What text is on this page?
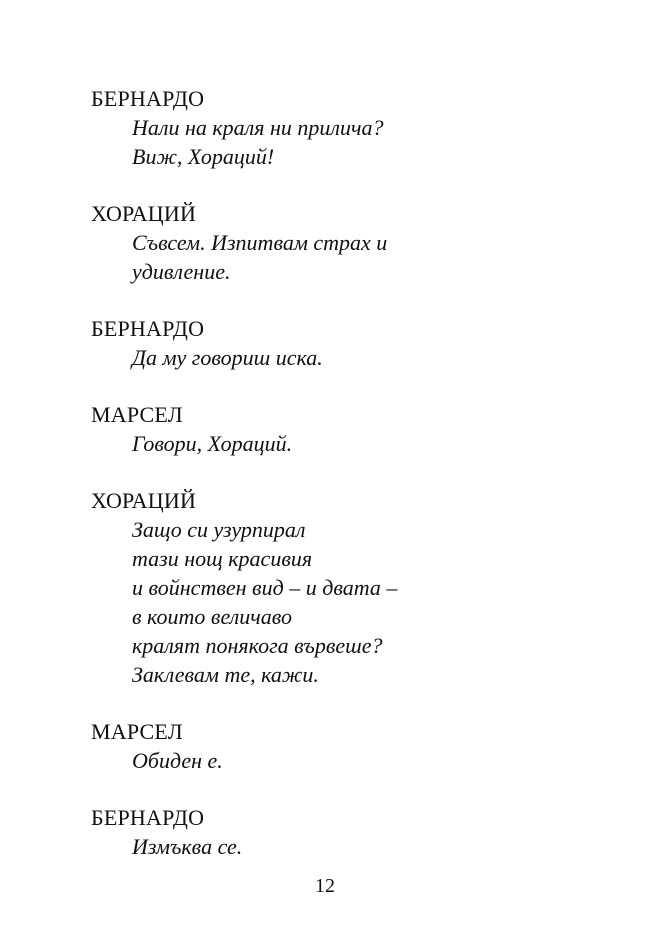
БЕРНАРДО
Нали на краля ни прилича?
Виж, Хораций!
ХОРАЦИЙ
Съвсем. Изпитвам страх и
удивление.
БЕРНАРДО
Да му говориш иска.
МАРСЕЛ
Говори, Хораций.
ХОРАЦИЙ
Защо си узурпирал
тази нощ красивия
и войнствен вид – и двата –
в които величаво
кралят понякога вървеше?
Заклевам те, кажи.
МАРСЕЛ
Обиден е.
БЕРНАРДО
Измъква се.
12
